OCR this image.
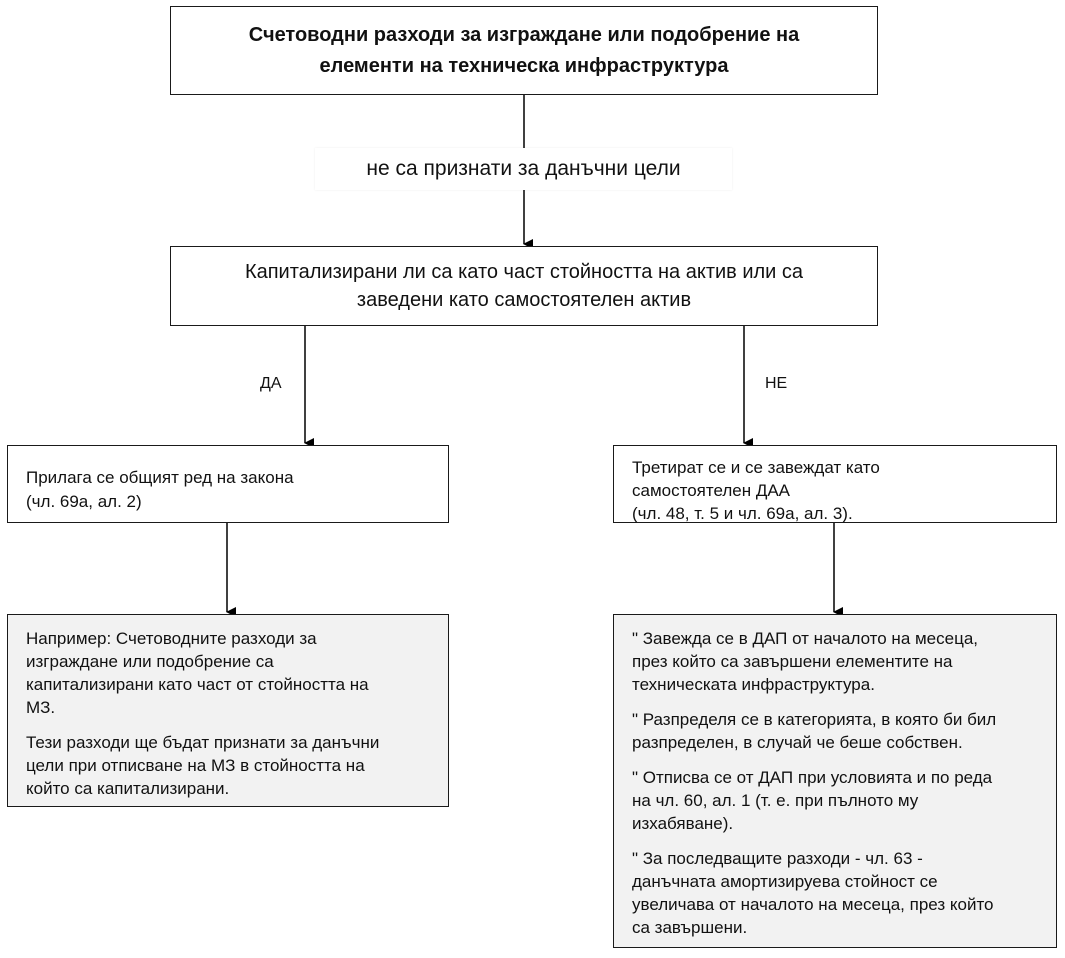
Счетоводни разходи за изграждане или подобрение на
елементи на техническа инфраструктура
не са признати за данъчни цели
Капитализирани ли са като част стойността на актив или са
заведени като самостоятелен актив
ДА	НЕ
Прилага се общият ред на закона
(чл. 69а, ал. 2)
Третират се и се завеждат като
самостоятелен ДАА
(чл. 48, т. 5 и чл. 69а, ал. 3).
Например: Счетоводните разходи за
изграждане или подобрение са
капитализирани като част от стойността на
МЗ.
Тези разходи ще бъдат признати за данъчни
цели при отписване на МЗ в стойността на
който са капитализирани.
" Завежда се в ДАП от началото на месеца,
през който са завършени елементите на
техническата инфраструктура.
" Разпределя се в категорията, в която би бил
разпределен, в случай че беше собствен.
" Отписва се от ДАП при условията и по реда
на чл. 60, ал. 1 (т. е. при пълното му
изхабяване).
" За последващите разходи - чл. 63 -
данъчната амортизируева стойност се
увеличава от началото на месеца, през който
са завършени.
